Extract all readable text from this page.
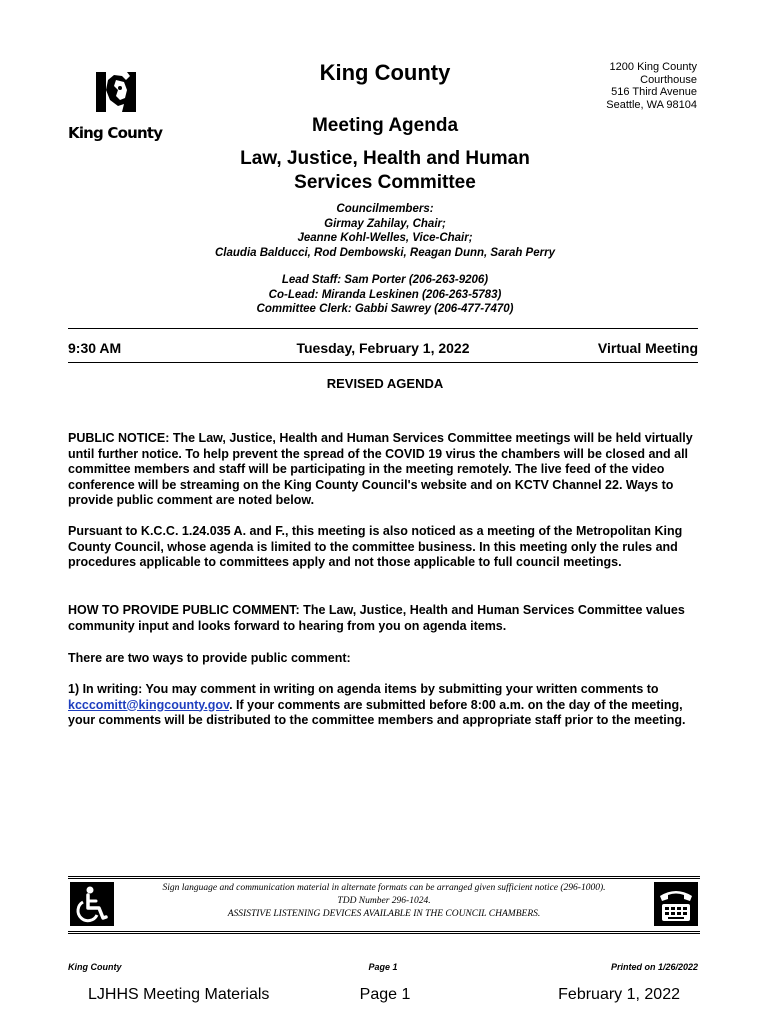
King County
King County	1200 King County
Courthouse
516 Third Avenue
Seattle, WA 98104
Meeting Agenda
Law, Justice, Health and Human
Services Committee
Councilmembers:
Girmay Zahilay, Chair;
Jeanne Kohl-Welles, Vice-Chair;
Claudia Balducci, Rod Dembowski, Reagan Dunn, Sarah Perry
Lead Staff: Sam Porter (206-263-9206)
Co-Lead: Miranda Leskinen (206-263-5783)
Committee Clerk: Gabbi Sawrey (206-477-7470)
9:30 AM	Tuesday, February 1, 2022	Virtual Meeting
REVISED AGENDA

PUBLIC NOTICE: The Law, Justice, Health and Human Services Committee meetings will be held virtually until further notice. To help prevent the spread of the COVID 19 virus the chambers will be closed and all committee members and staff will be participating in the meeting remotely. The live feed of the video conference will be streaming on the King County Council's website and on KCTV Channel 22. Ways to provide public comment are noted below.

Pursuant to K.C.C. 1.24.035 A. and F., this meeting is also noticed as a meeting of the Metropolitan King County Council, whose agenda is limited to the committee business. In this meeting only the rules and procedures applicable to committees apply and not those applicable to full council meetings.

HOW TO PROVIDE PUBLIC COMMENT: The Law, Justice, Health and Human Services Committee values community input and looks forward to hearing from you on agenda items.

There are two ways to provide public comment:

1) In writing: You may comment in writing on agenda items by submitting your written comments to kcccomitt@kingcounty.gov. If your comments are submitted before 8:00 a.m. on the day of the meeting, your comments will be distributed to the committee members and appropriate staff prior to the meeting.

Sign language and communication material in alternate formats can be arranged given sufficient notice (296-1000).
TDD Number 296-1024.
ASSISTIVE LISTENING DEVICES AVAILABLE IN THE COUNCIL CHAMBERS.
King County	Page 1	Printed on 1/26/2022
LJHHS Meeting Materials	Page 1	February 1, 2022
